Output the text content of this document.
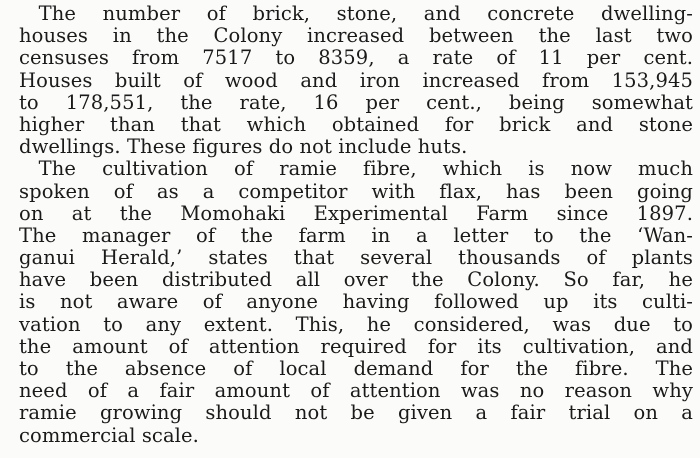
 The number of brick, stone, and concrete dwelling-
houses in the Colony increased between the last two
censuses from 7517 to 8359, a rate of 11 per cent.
Houses built of wood and iron increased from 153,945
to 178,551, the rate, 16 per cent., being somewhat
higher than that which obtained for brick and stone
dwellings. These figures do not include huts.

 The cultivation of ramie fibre, which is now much
spoken of as a competitor with flax, has been going
on at the Momohaki Experimental Farm since 1897.
The manager of the farm in a letter to the ‘Wan-
ganui Herald,’ states that several thousands of plants
have been distributed all over the Colony. So far, he
is not aware of anyone having followed up its culti-
vation to any extent. This, he considered, was due to
the amount of attention required for its cultivation, and
to the absence of local demand for the fibre. The
need of a fair amount of attention was no reason why
ramie growing should not be given a fair trial on a
commercial scale.
